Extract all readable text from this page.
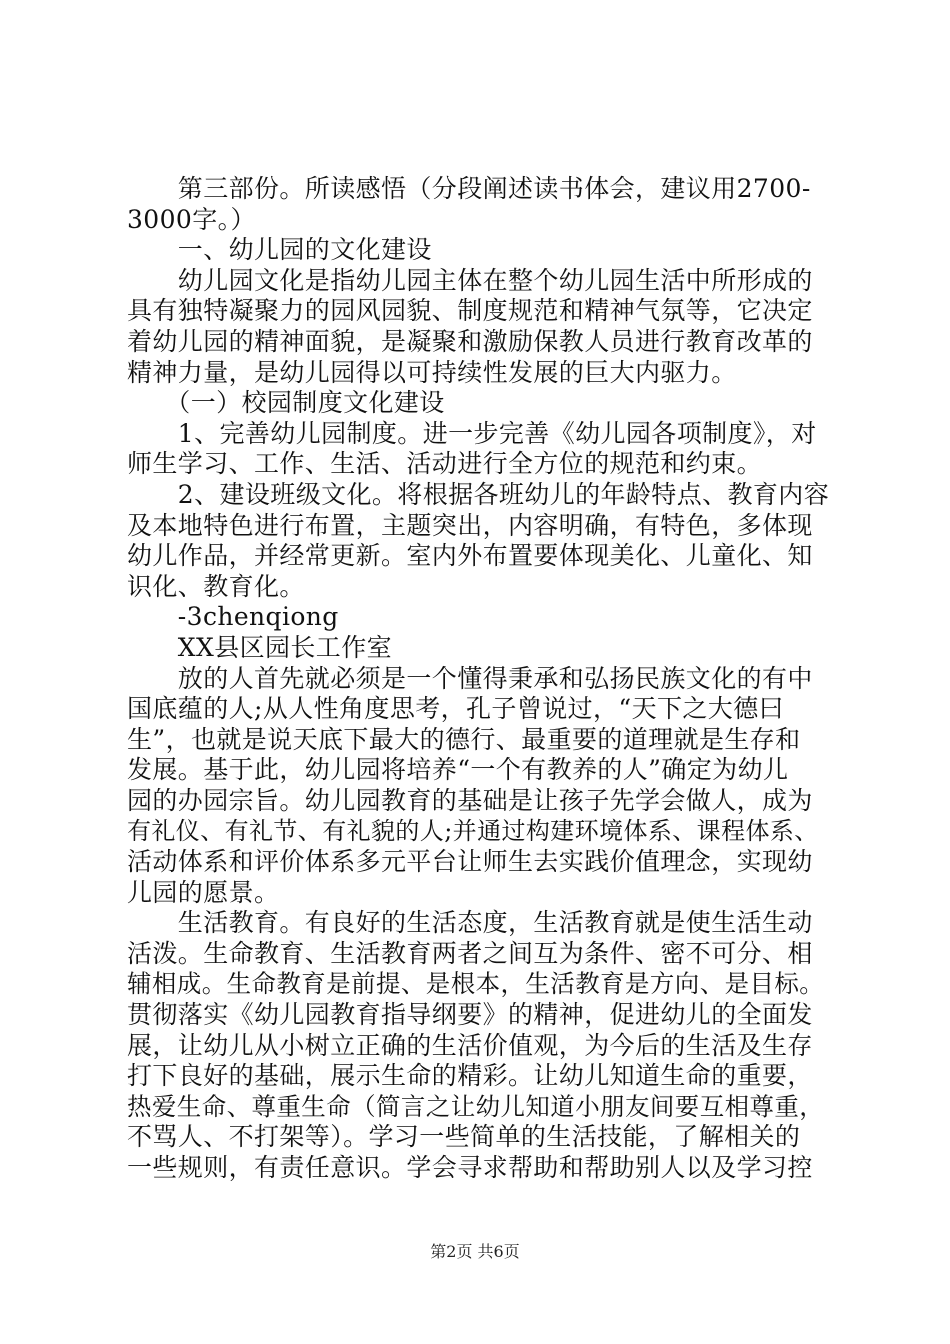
　　第三部份。所读感悟（分段阐述读书体会，建议用2700-
3000字。）
　　一、幼儿园的文化建设
　　幼儿园文化是指幼儿园主体在整个幼儿园生活中所形成的
具有独特凝聚力的园风园貌、制度规范和精神气氛等，它决定
着幼儿园的精神面貌，是凝聚和激励保教人员进行教育改革的
精神力量，是幼儿园得以可持续性发展的巨大内驱力。
　　（一）校园制度文化建设
　　1、完善幼儿园制度。进一步完善《幼儿园各项制度》，对
师生学习、工作、生活、活动进行全方位的规范和约束。
　　2、建设班级文化。将根据各班幼儿的年龄特点、教育内容
及本地特色进行布置，主题突出，内容明确，有特色，多体现
幼儿作品，并经常更新。室内外布置要体现美化、儿童化、知
识化、教育化。
　　-3chenqiong
　　XX县区园长工作室
　　放的人首先就必须是一个懂得秉承和弘扬民族文化的有中
国底蕴的人;从人性角度思考，孔子曾说过，“天下之大德曰
生”，也就是说天底下最大的德行、最重要的道理就是生存和
发展。基于此，幼儿园将培养“一个有教养的人”确定为幼儿
园的办园宗旨。幼儿园教育的基础是让孩子先学会做人，成为
有礼仪、有礼节、有礼貌的人;并通过构建环境体系、课程体系、
活动体系和评价体系多元平台让师生去实践价值理念，实现幼
儿园的愿景。
　　生活教育。有良好的生活态度，生活教育就是使生活生动
活泼。生命教育、生活教育两者之间互为条件、密不可分、相
辅相成。生命教育是前提、是根本，生活教育是方向、是目标。
贯彻落实《幼儿园教育指导纲要》的精神，促进幼儿的全面发
展，让幼儿从小树立正确的生活价值观，为今后的生活及生存
打下良好的基础，展示生命的精彩。让幼儿知道生命的重要，
热爱生命、尊重生命（简言之让幼儿知道小朋友间要互相尊重，
不骂人、不打架等）。学习一些简单的生活技能，了解相关的
一些规则，有责任意识。学会寻求帮助和帮助别人以及学习控
第2页 共6页
